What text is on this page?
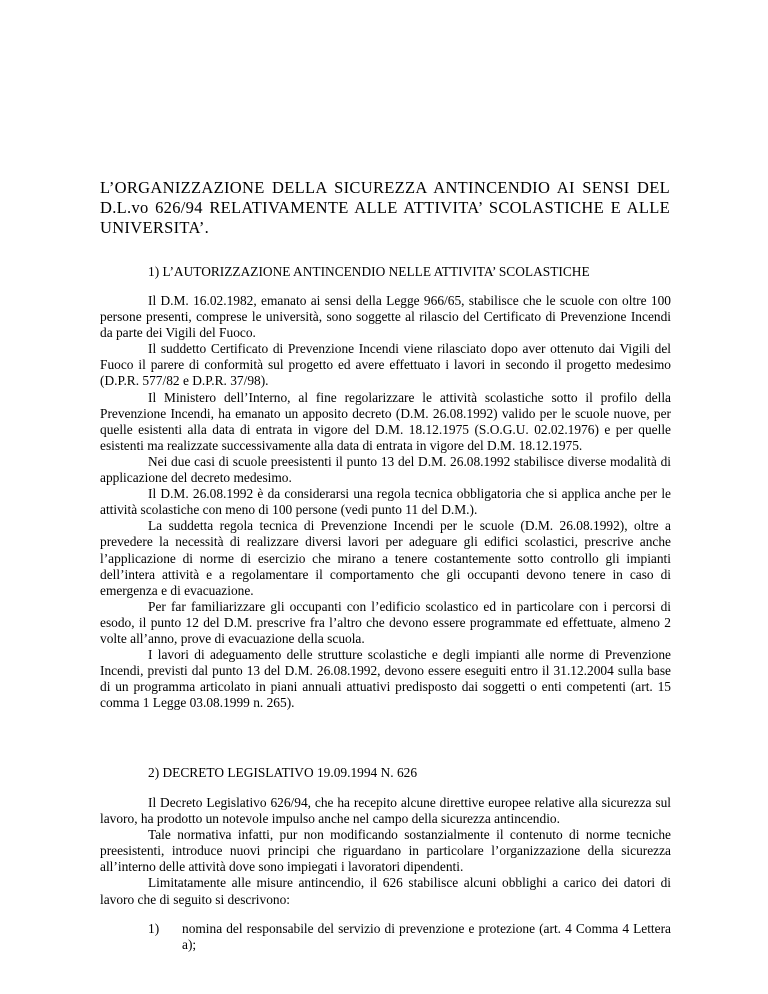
L’ORGANIZZAZIONE DELLA SICUREZZA ANTINCENDIO AI SENSI DEL D.L.vo 626/94 RELATIVAMENTE ALLE ATTIVITA’ SCOLASTICHE E ALLE UNIVERSITA’.
1) L’AUTORIZZAZIONE ANTINCENDIO NELLE ATTIVITA’ SCOLASTICHE

Il D.M. 16.02.1982, emanato ai sensi della Legge 966/65, stabilisce che le scuole con oltre 100 persone presenti, comprese le università, sono soggette al rilascio del Certificato di Prevenzione Incendi da parte dei Vigili del Fuoco.

Il suddetto Certificato di Prevenzione Incendi viene rilasciato dopo aver ottenuto dai Vigili del Fuoco il parere di conformità sul progetto ed avere effettuato i lavori in secondo il progetto medesimo (D.P.R. 577/82 e D.P.R. 37/98).

Il Ministero dell’Interno, al fine regolarizzare le attività scolastiche sotto il profilo della Prevenzione Incendi, ha emanato un apposito decreto (D.M. 26.08.1992) valido per le scuole nuove, per quelle esistenti alla data di entrata in vigore del D.M. 18.12.1975 (S.O.G.U. 02.02.1976) e per quelle esistenti ma realizzate successivamente alla data di entrata in vigore del D.M. 18.12.1975.

Nei due casi di scuole preesistenti il punto 13 del D.M. 26.08.1992 stabilisce diverse modalità di applicazione del decreto medesimo.

Il D.M. 26.08.1992 è da considerarsi una regola tecnica obbligatoria che si applica anche per le attività scolastiche con meno di 100 persone (vedi punto 11 del D.M.).

La suddetta regola tecnica di Prevenzione Incendi per le scuole (D.M. 26.08.1992), oltre a prevedere la necessità di realizzare diversi lavori per adeguare gli edifici scolastici, prescrive anche l’applicazione di norme di esercizio che mirano a tenere costantemente sotto controllo gli impianti dell’intera attività e a regolamentare il comportamento che gli occupanti devono tenere in caso di emergenza e di evacuazione.

Per far familiarizzare gli occupanti con l’edificio scolastico ed in particolare con i percorsi di esodo, il punto 12 del D.M. prescrive fra l’altro che devono essere programmate ed effettuate, almeno 2 volte all’anno, prove di evacuazione della scuola.

I lavori di adeguamento delle strutture scolastiche e degli impianti alle norme di Prevenzione Incendi, previsti dal punto 13 del D.M. 26.08.1992, devono essere eseguiti entro il 31.12.2004 sulla base di un programma articolato in piani annuali attuativi predisposto dai soggetti o enti competenti (art. 15 comma 1 Legge 03.08.1999 n. 265).

2) DECRETO LEGISLATIVO 19.09.1994 N. 626

Il Decreto Legislativo 626/94, che ha recepito alcune direttive europee relative alla sicurezza sul lavoro, ha prodotto un notevole impulso anche nel campo della sicurezza antincendio.

Tale normativa infatti, pur non modificando sostanzialmente il contenuto di norme tecniche preesistenti, introduce nuovi principi che riguardano in particolare l’organizzazione della sicurezza all’interno delle attività dove sono impiegati i lavoratori dipendenti.

Limitatamente alle misure antincendio, il 626 stabilisce alcuni obblighi a carico dei datori di lavoro che di seguito si descrivono:

1) nomina del responsabile del servizio di prevenzione e protezione (art. 4 Comma 4 Lettera a);
